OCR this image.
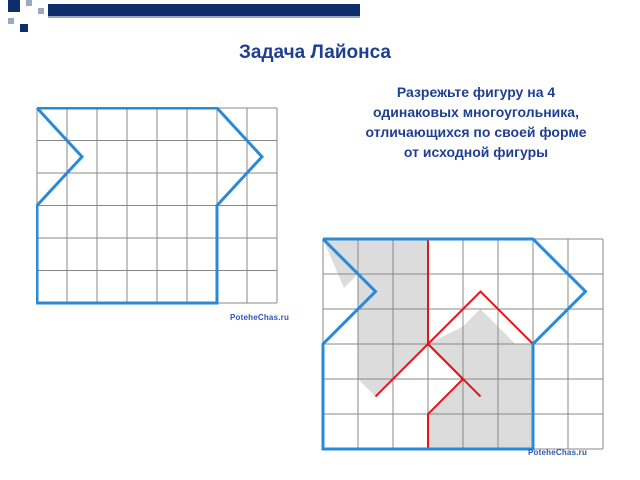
Задача Лайонса
Разрежьте фигуру на 4 одинаковых многоугольника, отличающихся по своей форме от исходной фигуры
PotehеChas.ru
PotehеChas.ru
